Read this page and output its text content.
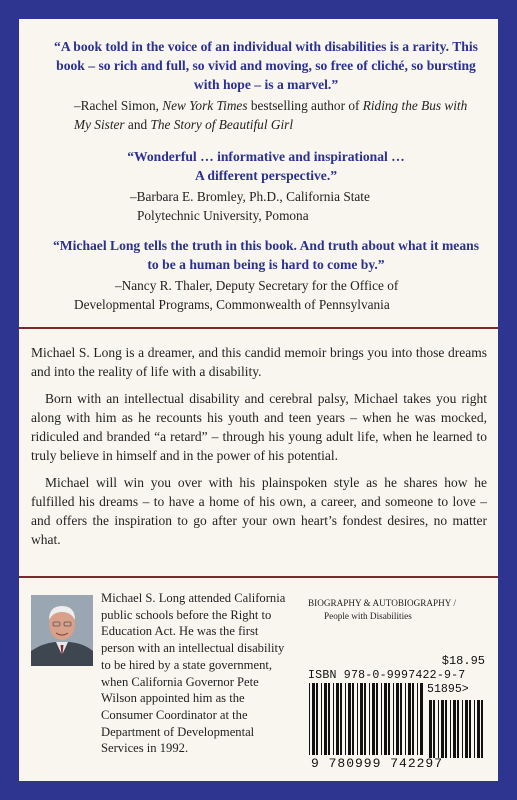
“A book told in the voice of an individual with disabilities is a rarity. This book – so rich and full, so vivid and moving, so free of cliché, so bursting with hope – is a marvel.”

–Rachel Simon, New York Times bestselling author of Riding the Bus with My Sister and The Story of Beautiful Girl

“Wonderful … informative and inspirational …
A different perspective.”

–Barbara E. Bromley, Ph.D., California State
Polytechnic University, Pomona

“Michael Long tells the truth in this book. And truth about what it means to be a human being is hard to come by.”

–Nancy R. Thaler, Deputy Secretary for the Office of
Developmental Programs, Commonwealth of Pennsylvania

Michael S. Long is a dreamer, and this candid memoir brings you into those dreams and into the reality of life with a disability.

Born with an intellectual disability and cerebral palsy, Michael takes you right along with him as he recounts his youth and teen years – when he was mocked, ridiculed and branded “a retard” – through his young adult life, when he learned to truly believe in himself and in the power of his potential.

Michael will win you over with his plainspoken style as he shares how he fulfilled his dreams – to have a home of his own, a career, and someone to love – and offers the inspiration to go after your own heart’s fondest desires, no matter what.

Michael S. Long attended California public schools before the Right to Education Act. He was the first person with an intellectual disability to be hired by a state government, when California Governor Pete Wilson appointed him as the Consumer Coordinator at the Department of Developmental Services in 1992.
BIOGRAPHY & AUTOBIOGRAPHY /
People with Disabilities
$18.95
ISBN 978-0-9997422-9-7
51895>
9 780999 742297
